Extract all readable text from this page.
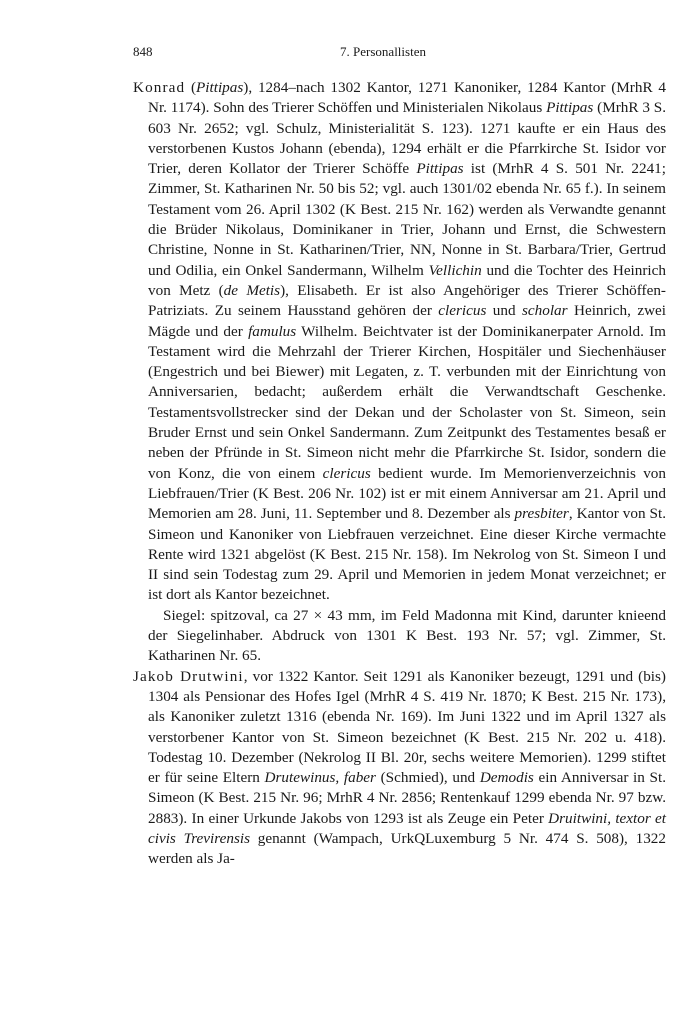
848	7. Personallisten

Konrad (Pittipas), 1284–nach 1302 Kantor, 1271 Kanoniker, 1284 Kantor (MrhR 4 Nr. 1174). Sohn des Trierer Schöffen und Ministerialen Nikolaus Pittipas (MrhR 3 S. 603 Nr. 2652; vgl. Schulz, Ministerialität S. 123). 1271 kaufte er ein Haus des verstorbenen Kustos Johann (ebenda), 1294 erhält er die Pfarrkirche St. Isidor vor Trier, deren Kollator der Trierer Schöffe Pittipas ist (MrhR 4 S. 501 Nr. 2241; Zimmer, St. Katharinen Nr. 50 bis 52; vgl. auch 1301/02 ebenda Nr. 65 f.). In seinem Testament vom 26. April 1302 (K Best. 215 Nr. 162) werden als Verwandte genannt die Brüder Nikolaus, Dominikaner in Trier, Johann und Ernst, die Schwestern Christine, Nonne in St. Katharinen/Trier, NN, Nonne in St. Barbara/Trier, Gertrud und Odilia, ein Onkel Sandermann, Wilhelm Vellichin und die Tochter des Heinrich von Metz (de Metis), Elisabeth. Er ist also Angehöriger des Trierer Schöffen-Patriziats. Zu seinem Hausstand gehören der clericus und scholar Heinrich, zwei Mägde und der famulus Wilhelm. Beichtvater ist der Dominikanerpater Arnold. Im Testament wird die Mehrzahl der Trierer Kirchen, Hospitäler und Siechenhäuser (Engestrich und bei Biewer) mit Legaten, z. T. verbunden mit der Einrichtung von Anniversarien, bedacht; außerdem erhält die Verwandtschaft Geschenke. Testamentsvollstrecker sind der Dekan und der Scholaster von St. Simeon, sein Bruder Ernst und sein Onkel Sandermann. Zum Zeitpunkt des Testamentes besaß er neben der Pfründe in St. Simeon nicht mehr die Pfarrkirche St. Isidor, sondern die von Konz, die von einem clericus bedient wurde. Im Memorienverzeichnis von Liebfrauen/Trier (K Best. 206 Nr. 102) ist er mit einem Anniversar am 21. April und Memorien am 28. Juni, 11. September und 8. Dezember als presbiter, Kantor von St. Simeon und Kanoniker von Liebfrauen verzeichnet. Eine dieser Kirche vermachte Rente wird 1321 abgelöst (K Best. 215 Nr. 158). Im Nekrolog von St. Simeon I und II sind sein Todestag zum 29. April und Memorien in jedem Monat verzeichnet; er ist dort als Kantor bezeichnet.

Siegel: spitzoval, ca 27 × 43 mm, im Feld Madonna mit Kind, darunter knieend der Siegelinhaber. Abdruck von 1301 K Best. 193 Nr. 57; vgl. Zimmer, St. Katharinen Nr. 65.

Jakob Drutwini, vor 1322 Kantor. Seit 1291 als Kanoniker bezeugt, 1291 und (bis) 1304 als Pensionar des Hofes Igel (MrhR 4 S. 419 Nr. 1870; K Best. 215 Nr. 173), als Kanoniker zuletzt 1316 (ebenda Nr. 169). Im Juni 1322 und im April 1327 als verstorbener Kantor von St. Simeon bezeichnet (K Best. 215 Nr. 202 u. 418). Todestag 10. Dezember (Nekrolog II Bl. 20r, sechs weitere Memorien). 1299 stiftet er für seine Eltern Drutewinus, faber (Schmied), und Demodis ein Anniversar in St. Simeon (K Best. 215 Nr. 96; MrhR 4 Nr. 2856; Rentenkauf 1299 ebenda Nr. 97 bzw. 2883). In einer Urkunde Jakobs von 1293 ist als Zeuge ein Peter Druitwini, textor et civis Trevirensis genannt (Wampach, UrkQLuxemburg 5 Nr. 474 S. 508), 1322 werden als Ja-
